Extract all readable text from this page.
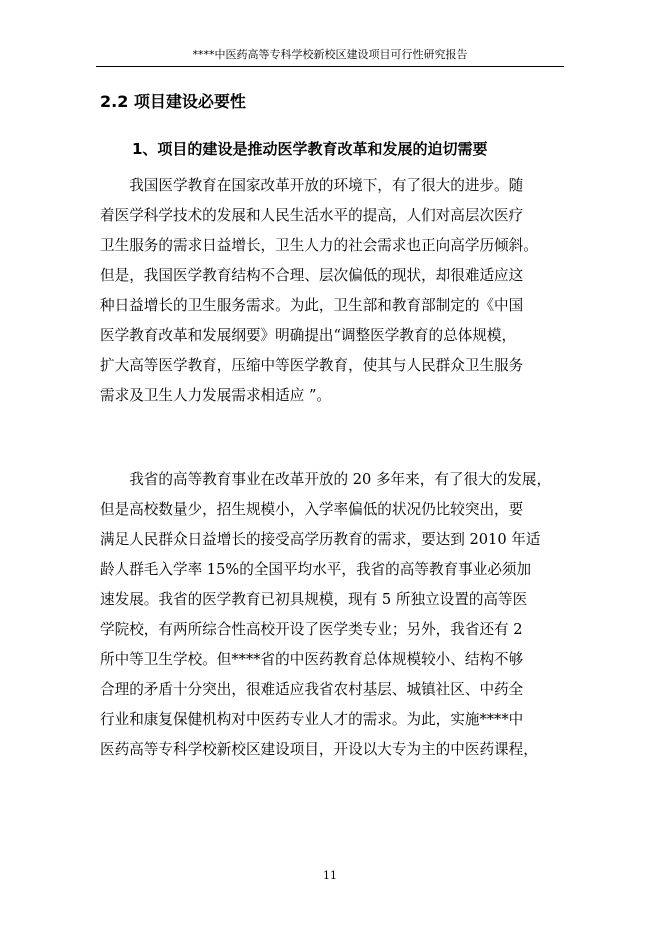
****中医药高等专科学校新校区建设项目可行性研究报告
2.2 项目建设必要性
1、项目的建设是推动医学教育改革和发展的迫切需要
　　我国医学教育在国家改革开放的环境下，有了很大的进步。随
着医学科学技术的发展和人民生活水平的提高，人们对高层次医疗
卫生服务的需求日益增长，卫生人力的社会需求也正向高学历倾斜。
但是，我国医学教育结构不合理、层次偏低的现状，却很难适应这
种日益增长的卫生服务需求。为此，卫生部和教育部制定的《中国
医学教育改革和发展纲要》明确提出“调整医学教育的总体规模，
扩大高等医学教育，压缩中等医学教育，使其与人民群众卫生服务
需求及卫生人力发展需求相适应 ”。
　　我省的高等教育事业在改革开放的 20 多年来，有了很大的发展，
但是高校数量少，招生规模小，入学率偏低的状况仍比较突出，要
满足人民群众日益增长的接受高学历教育的需求，要达到 2010 年适
龄人群毛入学率 15%的全国平均水平，我省的高等教育事业必须加
速发展。我省的医学教育已初具规模，现有 5 所独立设置的高等医
学院校，有两所综合性高校开设了医学类专业；另外，我省还有 2
所中等卫生学校。但****省的中医药教育总体规模较小、结构不够
合理的矛盾十分突出，很难适应我省农村基层、城镇社区、中药全
行业和康复保健机构对中医药专业人才的需求。为此，实施****中
医药高等专科学校新校区建设项目，开设以大专为主的中医药课程，
11
